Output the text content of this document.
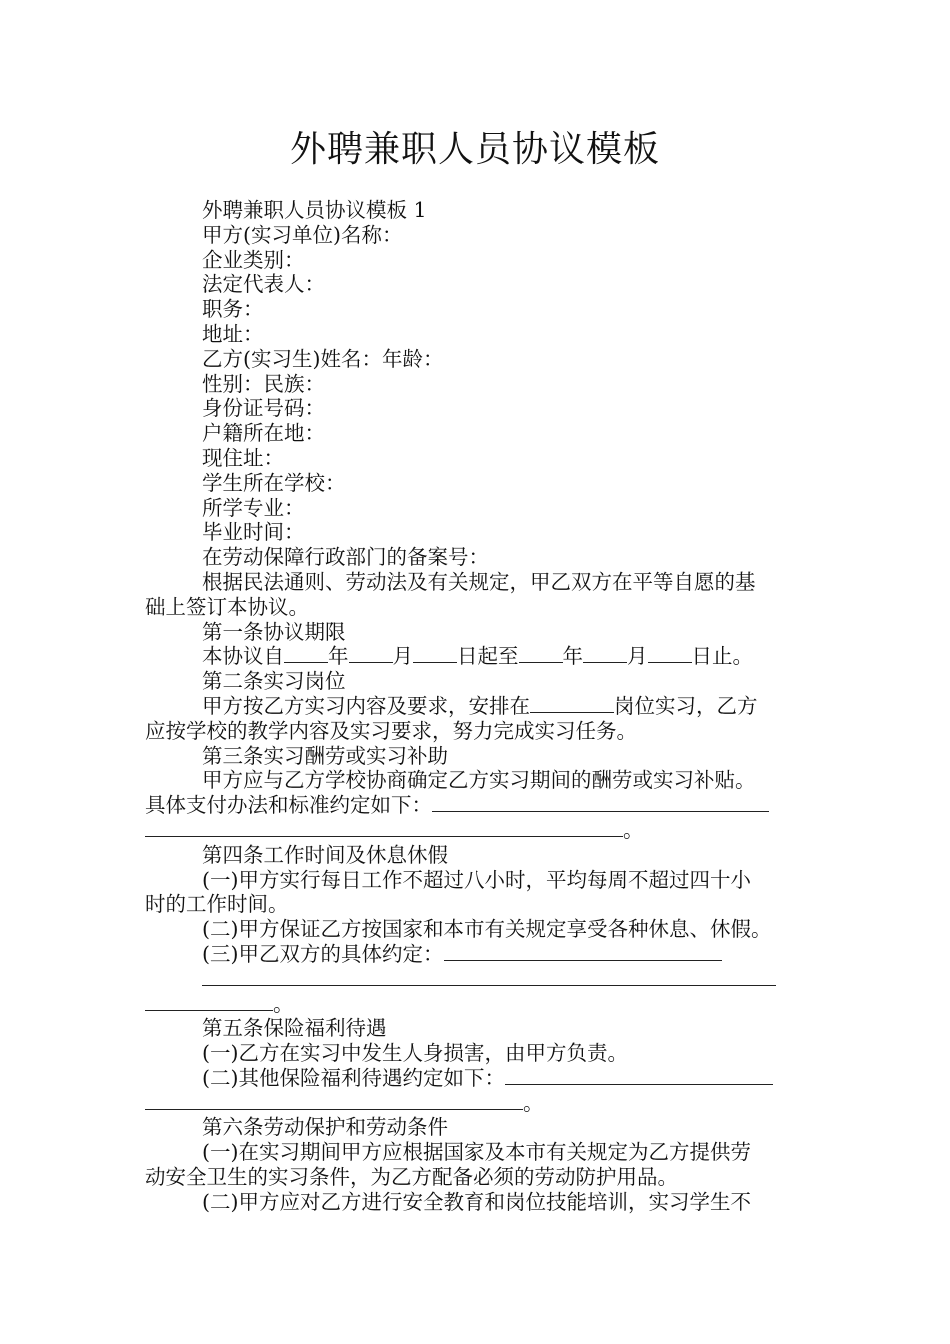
外聘兼职人员协议模板
外聘兼职人员协议模板 1
甲方(实习单位)名称：
企业类别：
法定代表人：
职务：
地址：
乙方(实习生)姓名：年龄：
性别：民族：
身份证号码：
户籍所在地：
现住址：
学生所在学校：
所学专业：
毕业时间：
在劳动保障行政部门的备案号：
根据民法通则、劳动法及有关规定，甲乙双方在平等自愿的基
础上签订本协议。
第一条协议期限
本协议自 年 月 日起至 年 月 日止。
第二条实习岗位
甲方按乙方实习内容及要求，安排在	岗位实习，乙方
应按学校的教学内容及实习要求，努力完成实习任务。
第三条实习酬劳或实习补助
甲方应与乙方学校协商确定乙方实习期间的酬劳或实习补贴。
具体支付办法和标准约定如下：
。
第四条工作时间及休息休假
(一)甲方实行每日工作不超过八小时，平均每周不超过四十小
时的工作时间。
(二)甲方保证乙方按国家和本市有关规定享受各种休息、休假。
(三)甲乙双方的具体约定：
。
第五条保险福利待遇
(一)乙方在实习中发生人身损害，由甲方负责。
(二)其他保险福利待遇约定如下：
。
第六条劳动保护和劳动条件
(一)在实习期间甲方应根据国家及本市有关规定为乙方提供劳
动安全卫生的实习条件，为乙方配备必须的劳动防护用品。
(二)甲方应对乙方进行安全教育和岗位技能培训，实习学生不
